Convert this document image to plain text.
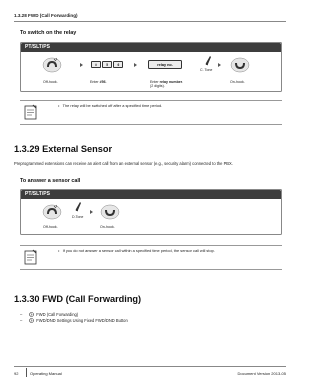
1.3.28 FWD (Call Forwarding)
To switch on the relay
PT/SLT/PS
#	5	6	relay no.
Off-hook.	Enter #56.	Enter relay number.
(2 digits).
C. Tone
On-hook.
•   The relay will be switched off after a specified time period.
1.3.29 External Sensor
Preprogrammed extensions can receive an alert call from an external sensor (e.g., security alarm) connected to the PBX.
To answer a sensor call
PT/SLT/PS
D.Tone
Off-hook.	On-hook.
•   If you do not answer a sensor call within a specified time period, the sensor call will stop.
1.3.30 FWD (Call Forwarding)
–	FWD (Call Forwarding)
–	FWD/DND Settings Using Fixed FWD/DND Button
92	Operating Manual	Document Version 2013-05
